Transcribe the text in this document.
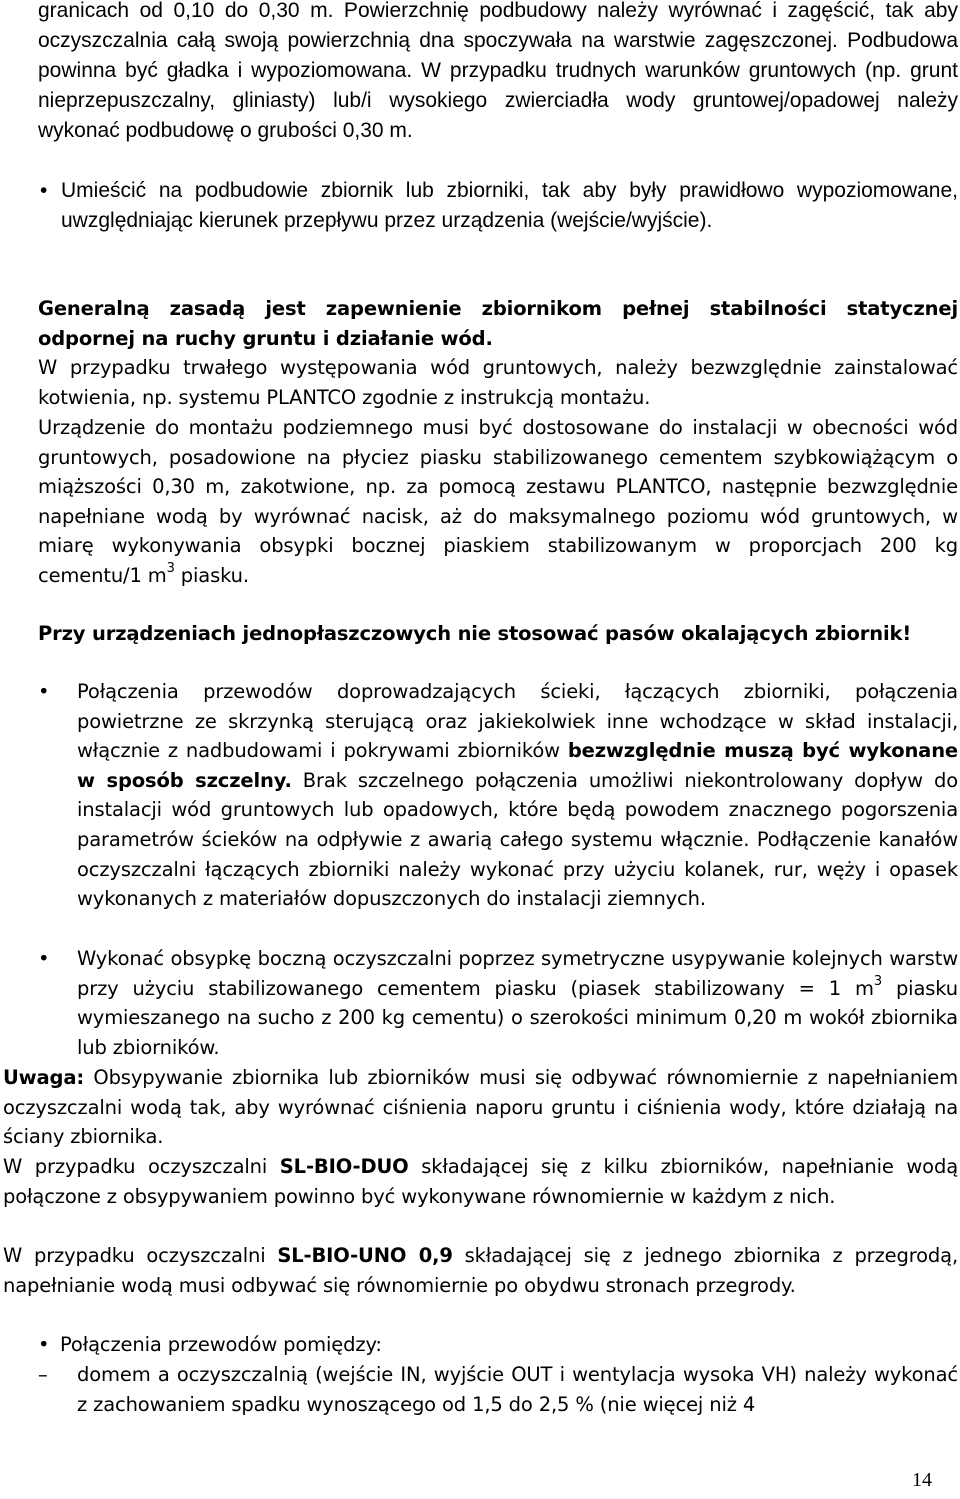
granicach od 0,10 do 0,30 m. Powierzchnię podbudowy należy wyrównać i zagęścić, tak aby oczyszczalnia całą swoją powierzchnią dna spoczywała na warstwie zagęszczonej. Podbudowa powinna być gładka i wypoziomowana. W przypadku trudnych warunków gruntowych (np. grunt nieprzepuszczalny, gliniasty) lub/i wysokiego zwierciadła wody gruntowej/opadowej należy wykonać podbudowę o grubości 0,30 m.

• Umieścić na podbudowie zbiornik lub zbiorniki, tak aby były prawidłowo wypoziomowane, uwzględniając kierunek przepływu przez urządzenia (wejście/wyjście).

Generalną zasadą jest zapewnienie zbiornikom pełnej stabilności statycznej odpornej na ruchy gruntu i działanie wód.

W przypadku trwałego występowania wód gruntowych, należy bezwzględnie zainstalować kotwienia, np. systemu PLANTCO zgodnie z instrukcją montażu.

Urządzenie do montażu podziemnego musi być dostosowane do instalacji w obecności wód gruntowych, posadowione na płyciez piasku stabilizowanego cementem szybkowiążącym o miąższości 0,30 m, zakotwione, np. za pomocą zestawu PLANTCO, następnie bezwzględnie napełniane wodą by wyrównać nacisk, aż do maksymalnego poziomu wód gruntowych, w miarę wykonywania obsypki bocznej piaskiem stabilizowanym w proporcjach 200 kg cementu/1 $m^3$ piasku.

Przy urządzeniach jednopłaszczowych nie stosować pasów okalających zbiornik!

• Połączenia przewodów doprowadzających ścieki, łączących zbiorniki, połączenia powietrzne ze skrzynką sterującą oraz jakiekolwiek inne wchodzące w skład instalacji, włącznie z nadbudowami i pokrywami zbiorników bezwzględnie muszą być wykonane w sposób szczelny. Brak szczelnego połączenia umożliwi niekontrolowany dopływ do instalacji wód gruntowych lub opadowych, które będą powodem znacznego pogorszenia parametrów ścieków na odpływie z awarią całego systemu włącznie. Podłączenie kanałów oczyszczalni łączących zbiorniki należy wykonać przy użyciu kolanek, rur, węży i opasek wykonanych z materiałów dopuszczonych do instalacji ziemnych.

• Wykonać obsypkę boczną oczyszczalni poprzez symetryczne usypywanie kolejnych warstw przy użyciu stabilizowanego cementem piasku (piasek stabilizowany = 1 $m^3$ piasku wymieszanego na sucho z 200 kg cementu) o szerokości minimum 0,20 m wokół zbiornika lub zbiorników.

Uwaga: Obsypywanie zbiornika lub zbiorników musi się odbywać równomiernie z napełnianiem oczyszczalni wodą tak, aby wyrównać ciśnienia naporu gruntu i ciśnienia wody, które działają na ściany zbiornika.

W przypadku oczyszczalni SL-BIO-DUO składającej się z kilku zbiorników, napełnianie wodą połączone z obsypywaniem powinno być wykonywane równomiernie w każdym z nich.

W przypadku oczyszczalni SL-BIO-UNO 0,9 składającej się z jednego zbiornika z przegrodą, napełnianie wodą musi odbywać się równomiernie po obydwu stronach przegrody.

• Połączenia przewodów pomiędzy:

– domem a oczyszczalnią (wejście IN, wyjście OUT i wentylacja wysoka VH) należy wykonać z zachowaniem spadku wynoszącego od 1,5 do 2,5 % (nie więcej niż 4

14
